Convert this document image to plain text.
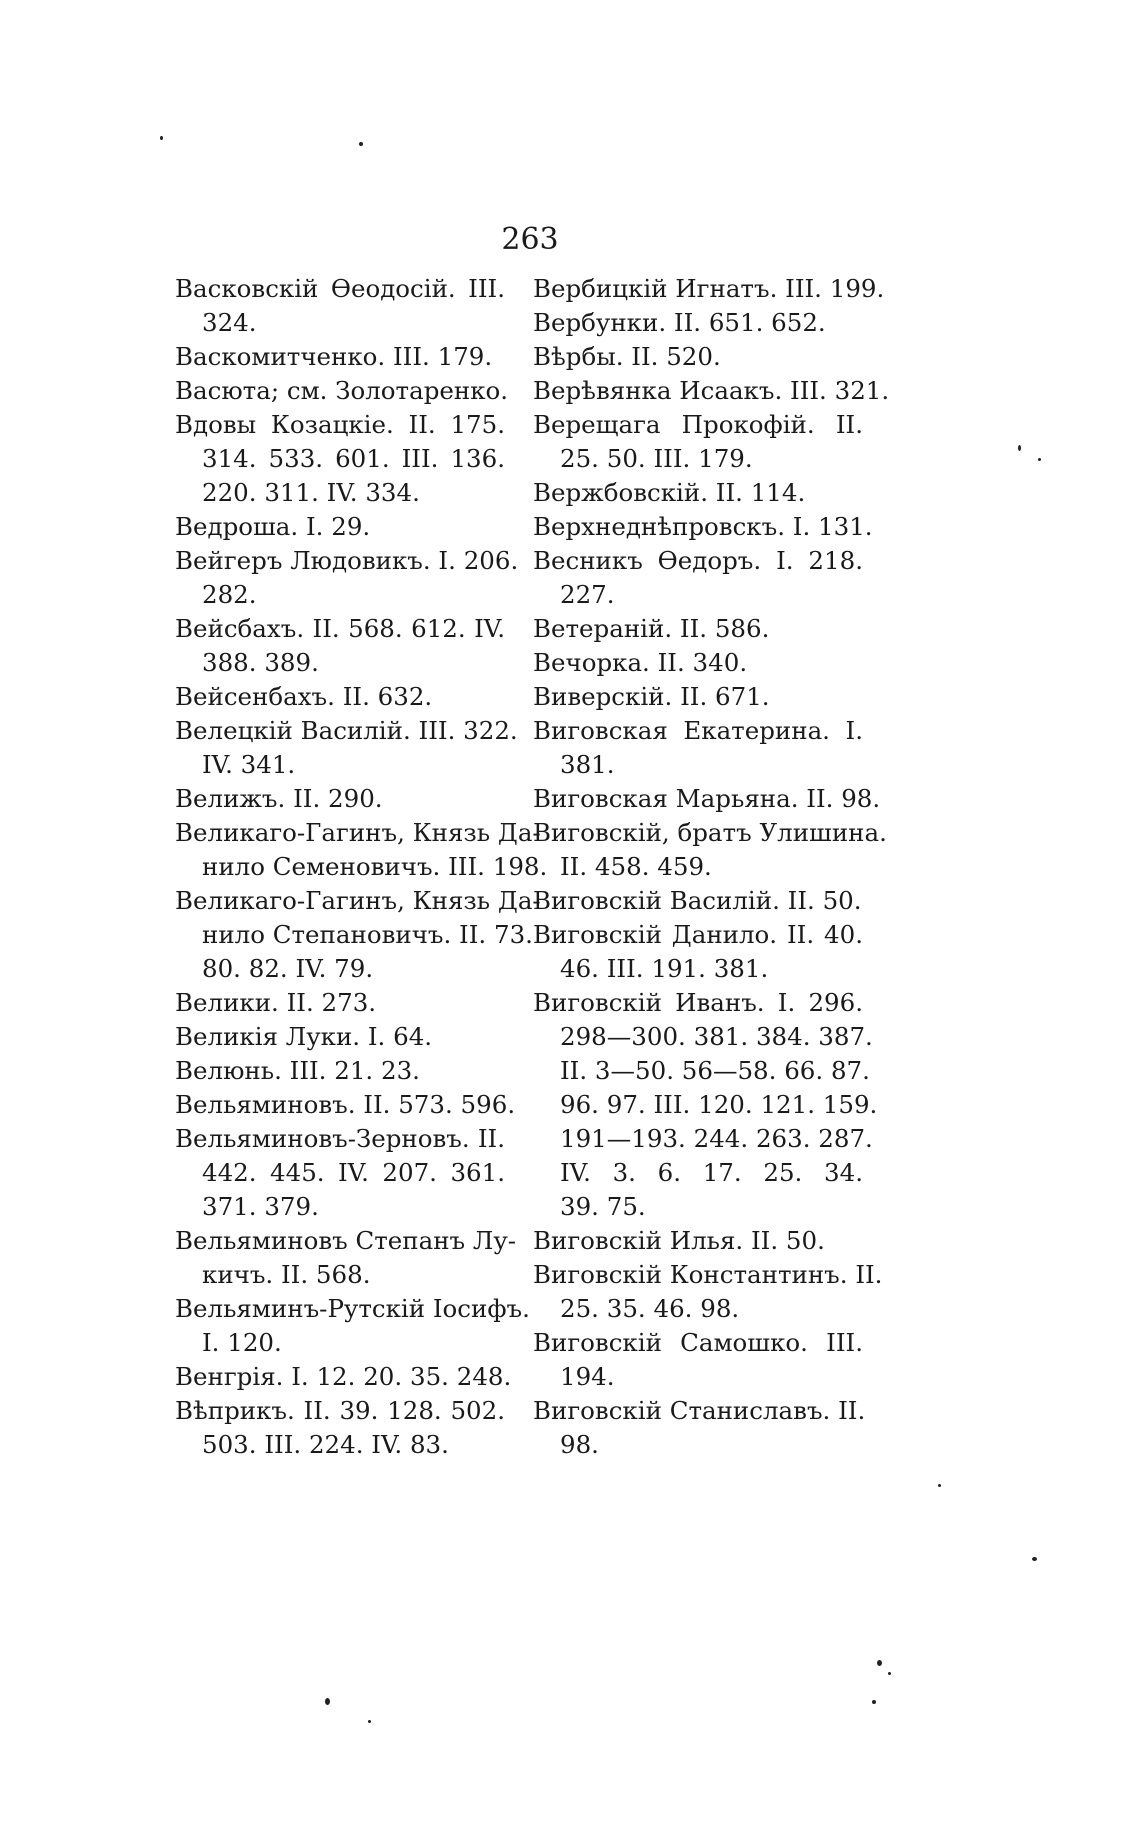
263
Васковскій Ѳеодосій. III.
324.
Васкомитченко. III. 179.
Васюта; см. Золотаренко.
Вдовы Козацкіе. II. 175.
314. 533. 601. III. 136.
220. 311. IV. 334.
Ведроша. I. 29.
Вейгеръ Людовикъ. I. 206.
282.
Вейсбахъ. II. 568. 612. IV.
388. 389.
Вейсенбахъ. II. 632.
Велецкій Василій. III. 322.
IV. 341.
Велижъ. II. 290.
Великаго-Гагинъ, Князь Да-
нило Семеновичъ. III. 198.
Великаго-Гагинъ, Князь Да-
нило Степановичъ. II. 73.
80. 82. IV. 79.
Велики. II. 273.
Великія Луки. I. 64.
Велюнь. III. 21. 23.
Вельяминовъ. II. 573. 596.
Вельяминовъ-Зерновъ. II.
442. 445. IV. 207. 361.
371. 379.
Вельяминовъ Степанъ Лу-
кичъ. II. 568.
Вельяминъ-Рутскій Іосифъ.
I. 120.
Венгрія. I. 12. 20. 35. 248.
Вѣприкъ. II. 39. 128. 502.
503. III. 224. IV. 83.
Вербицкій Игнатъ. III. 199.
Вербунки. II. 651. 652.
Вѣрбы. II. 520.
Верѣвянка Исаакъ. III. 321.
Верещага Прокофій. II.
25. 50. III. 179.
Вержбовскій. II. 114.
Верхнеднѣпровскъ. I. 131.
Весникъ Ѳедоръ. I. 218.
227.
Ветераній. II. 586.
Вечорка. II. 340.
Виверскій. II. 671.
Виговская Екатерина. I.
381.
Виговская Марьяна. II. 98.
Виговскій, братъ Улишина.
II. 458. 459.
Виговскій Василій. II. 50.
Виговскій Данило. II. 40.
46. III. 191. 381.
Виговскій Иванъ. I. 296.
298—300. 381. 384. 387.
II. 3—50. 56—58. 66. 87.
96. 97. III. 120. 121. 159.
191—193. 244. 263. 287.
IV. 3. 6. 17. 25. 34.
39. 75.
Виговскій Илья. II. 50.
Виговскій Константинъ. II.
25. 35. 46. 98.
Виговскій Самошко. III.
194.
Виговскій Станиславъ. II.
98.
